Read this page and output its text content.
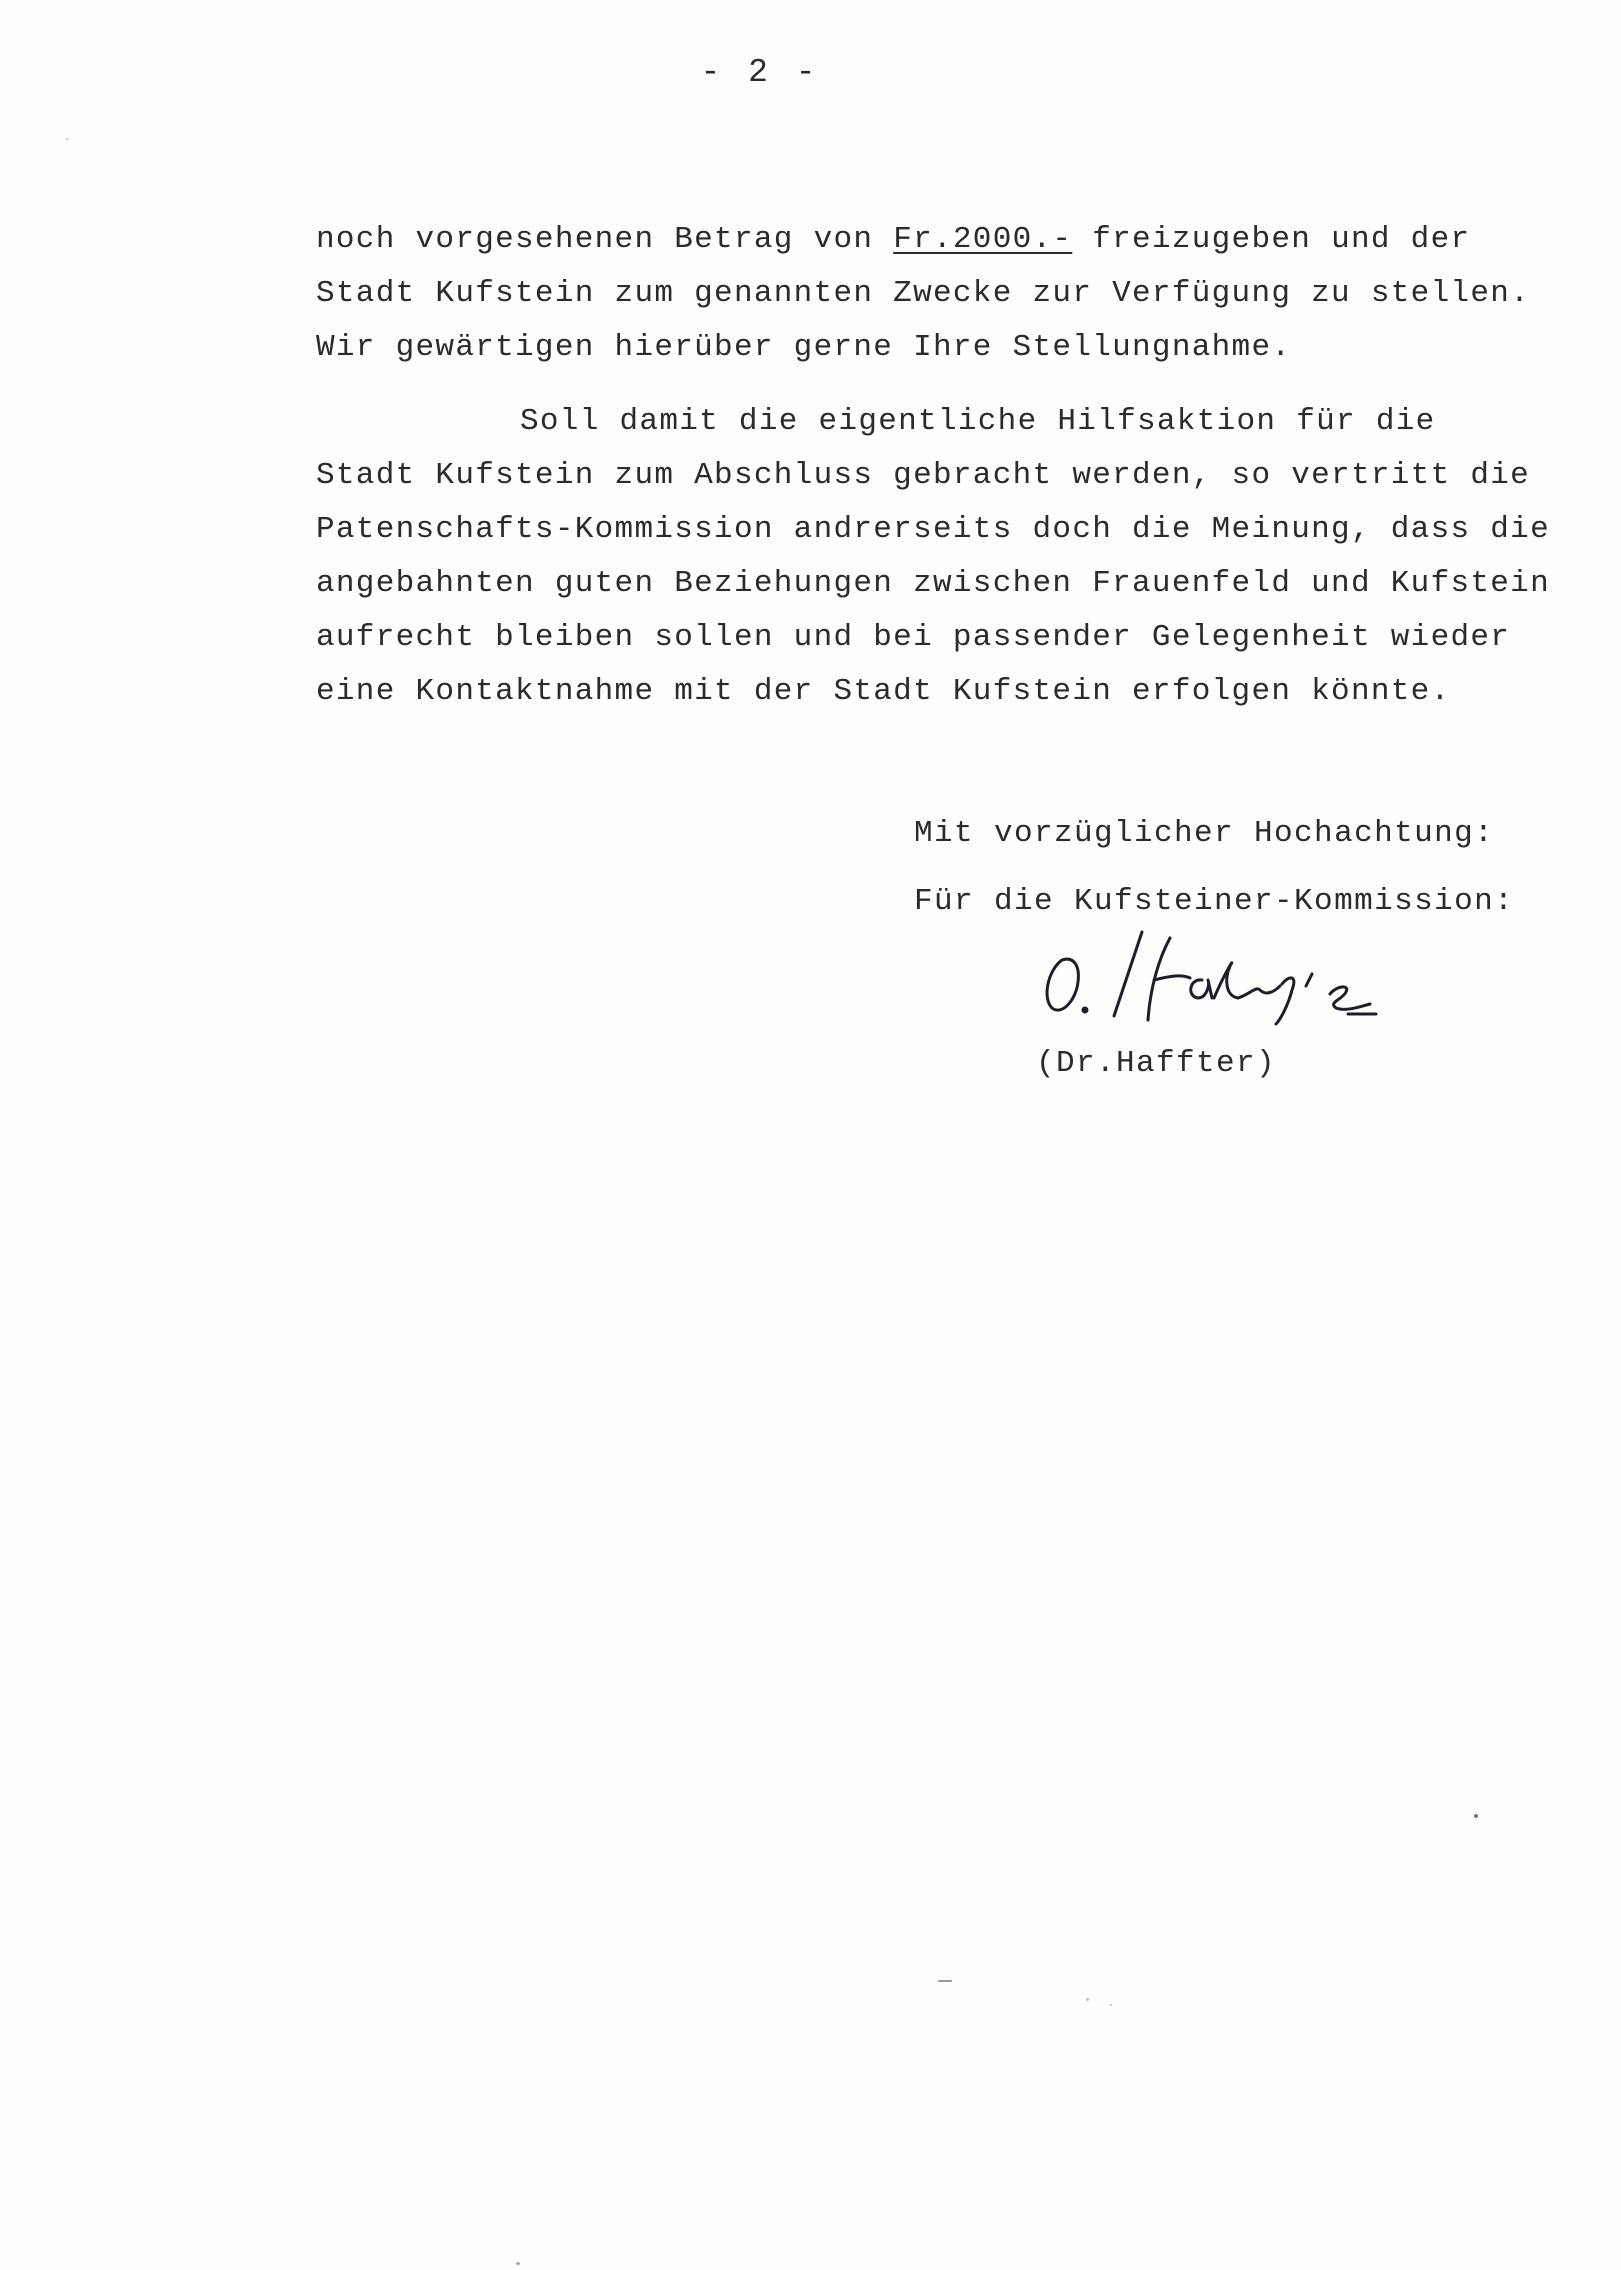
- 2 -
noch vorgesehenen Betrag von Fr.2000.- freizugeben und der
Stadt Kufstein zum genannten Zwecke zur Verfügung zu stellen.
Wir gewärtigen hierüber gerne Ihre Stellungnahme.
Soll damit die eigentliche Hilfsaktion für die
Stadt Kufstein zum Abschluss gebracht werden, so vertritt die
Patenschafts-Kommission andrerseits doch die Meinung, dass die
angebahnten guten Beziehungen zwischen Frauenfeld und Kufstein
aufrecht bleiben sollen und bei passender Gelegenheit wieder
eine Kontaktnahme mit der Stadt Kufstein erfolgen könnte.
Mit vorzüglicher Hochachtung:
Für die Kufsteiner-Kommission:
(Dr.Haffter)
